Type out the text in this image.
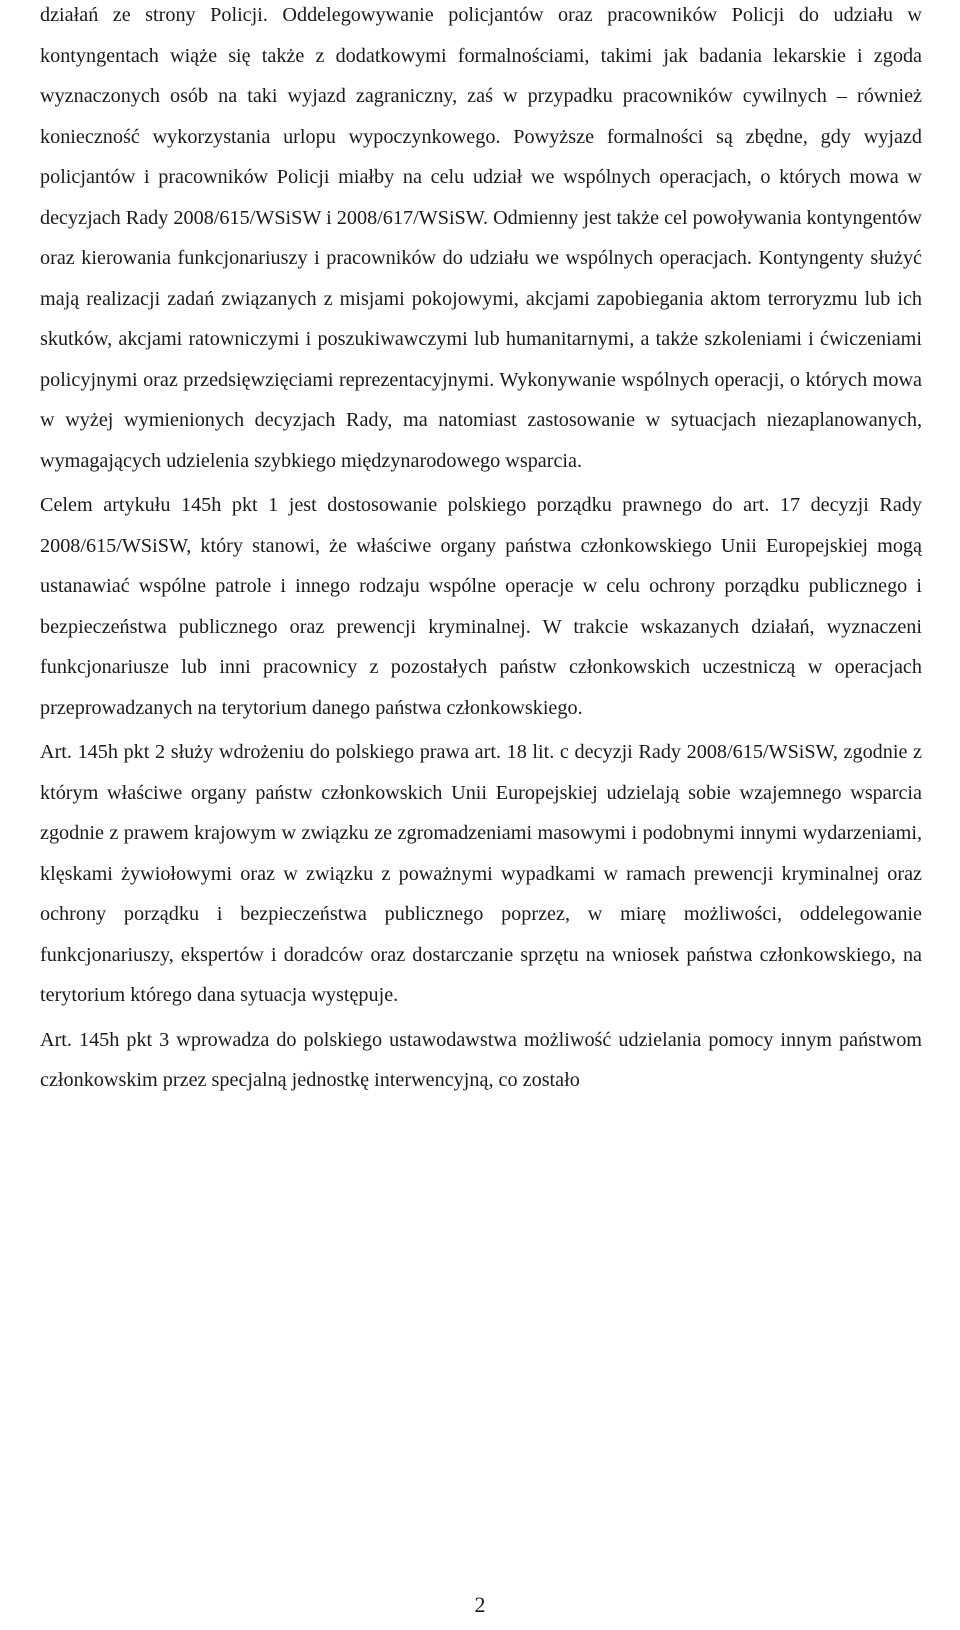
działań ze strony Policji. Oddelegowywanie policjantów oraz pracowników Policji do udziału w kontyngentach wiąże się także z dodatkowymi formalnościami, takimi jak badania lekarskie i zgoda wyznaczonych osób na taki wyjazd zagraniczny, zaś w przypadku pracowników cywilnych – również konieczność wykorzystania urlopu wypoczynkowego. Powyższe formalności są zbędne, gdy wyjazd policjantów i pracowników Policji miałby na celu udział we wspólnych operacjach, o których mowa w decyzjach Rady 2008/615/WSiSW i 2008/617/WSiSW. Odmienny jest także cel powoływania kontyngentów oraz kierowania funkcjonariuszy i pracowników do udziału we wspólnych operacjach. Kontyngenty służyć mają realizacji zadań związanych z misjami pokojowymi, akcjami zapobiegania aktom terroryzmu lub ich skutków, akcjami ratowniczymi i poszukiwawczymi lub humanitarnymi, a także szkoleniami i ćwiczeniami policyjnymi oraz przedsięwzięciami reprezentacyjnymi. Wykonywanie wspólnych operacji, o których mowa w wyżej wymienionych decyzjach Rady, ma natomiast zastosowanie w sytuacjach niezaplanowanych, wymagających udzielenia szybkiego międzynarodowego wsparcia.

Celem artykułu 145h pkt 1 jest dostosowanie polskiego porządku prawnego do art. 17 decyzji Rady 2008/615/WSiSW, który stanowi, że właściwe organy państwa członkowskiego Unii Europejskiej mogą ustanawiać wspólne patrole i innego rodzaju wspólne operacje w celu ochrony porządku publicznego i bezpieczeństwa publicznego oraz prewencji kryminalnej. W trakcie wskazanych działań, wyznaczeni funkcjonariusze lub inni pracownicy z pozostałych państw członkowskich uczestniczą w operacjach przeprowadzanych na terytorium danego państwa członkowskiego.

Art. 145h pkt 2 służy wdrożeniu do polskiego prawa art. 18 lit. c decyzji Rady 2008/615/WSiSW, zgodnie z którym właściwe organy państw członkowskich Unii Europejskiej udzielają sobie wzajemnego wsparcia zgodnie z prawem krajowym w związku ze zgromadzeniami masowymi i podobnymi innymi wydarzeniami, klęskami żywiołowymi oraz w związku z poważnymi wypadkami w ramach prewencji kryminalnej oraz ochrony porządku i bezpieczeństwa publicznego poprzez, w miarę możliwości, oddelegowanie funkcjonariuszy, ekspertów i doradców oraz dostarczanie sprzętu na wniosek państwa członkowskiego, na terytorium którego dana sytuacja występuje.

Art. 145h pkt 3 wprowadza do polskiego ustawodawstwa możliwość udzielania pomocy innym państwom członkowskim przez specjalną jednostkę interwencyjną, co zostało

2
